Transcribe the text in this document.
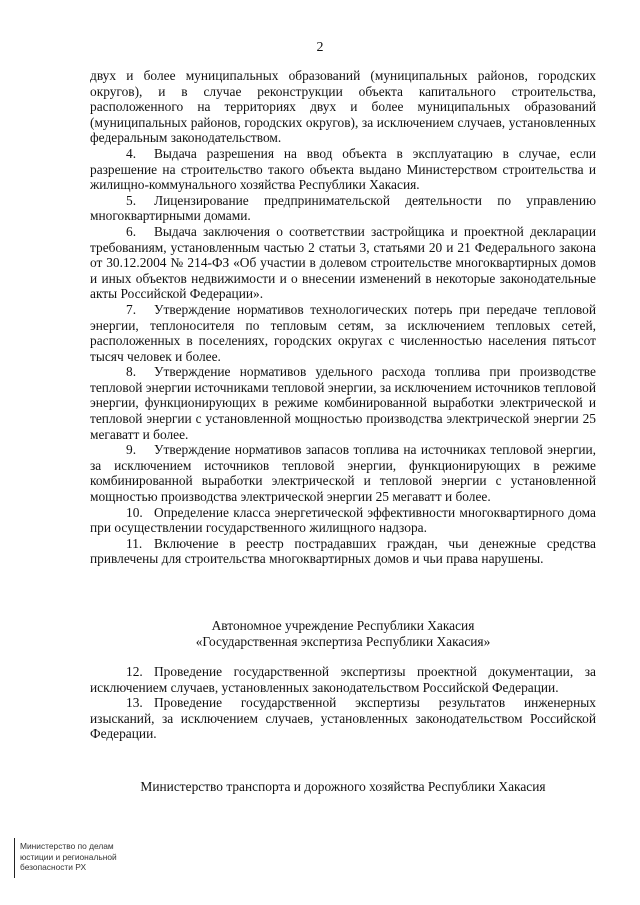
2

двух и более муниципальных образований (муниципальных районов, городских округов), и в случае реконструкции объекта капитального строительства, расположенного на территориях двух и более муниципальных образований (муниципальных районов, городских округов), за исключением случаев, установленных федеральным законодательством.

4. Выдача разрешения на ввод объекта в эксплуатацию в случае, если разрешение на строительство такого объекта выдано Министерством строительства и жилищно-коммунального хозяйства Республики Хакасия.

5. Лицензирование предпринимательской деятельности по управлению многоквартирными домами.

6. Выдача заключения о соответствии застройщика и проектной декларации требованиям, установленным частью 2 статьи 3, статьями 20 и 21 Федерального закона от 30.12.2004 № 214-ФЗ «Об участии в долевом строительстве многоквартирных домов и иных объектов недвижимости и о внесении изменений в некоторые законодательные акты Российской Федерации».

7. Утверждение нормативов технологических потерь при передаче тепловой энергии, теплоносителя по тепловым сетям, за исключением тепловых сетей, расположенных в поселениях, городских округах с численностью населения пятьсот тысяч человек и более.

8. Утверждение нормативов удельного расхода топлива при производстве тепловой энергии источниками тепловой энергии, за исключением источников тепловой энергии, функционирующих в режиме комбинированной выработки электрической и тепловой энергии с установленной мощностью производства электрической энергии 25 мегаватт и более.

9. Утверждение нормативов запасов топлива на источниках тепловой энергии, за исключением источников тепловой энергии, функционирующих в режиме комбинированной выработки электрической и тепловой энергии с установленной мощностью производства электрической энергии 25 мегаватт и более.

10. Определение класса энергетической эффективности многоквартирного дома при осуществлении государственного жилищного надзора.

11. Включение в реестр пострадавших граждан, чьи денежные средства привлечены для строительства многоквартирных домов и чьи права нарушены.

Автономное учреждение Республики Хакасия
«Государственная экспертиза Республики Хакасия»

12. Проведение государственной экспертизы проектной документации, за исключением случаев, установленных законодательством Российской Федерации.

13. Проведение государственной экспертизы результатов инженерных изысканий, за исключением случаев, установленных законодательством Российской Федерации.

Министерство транспорта и дорожного хозяйства Республики Хакасия
Министерство по делам
юстиции и региональной
безопасности РХ
